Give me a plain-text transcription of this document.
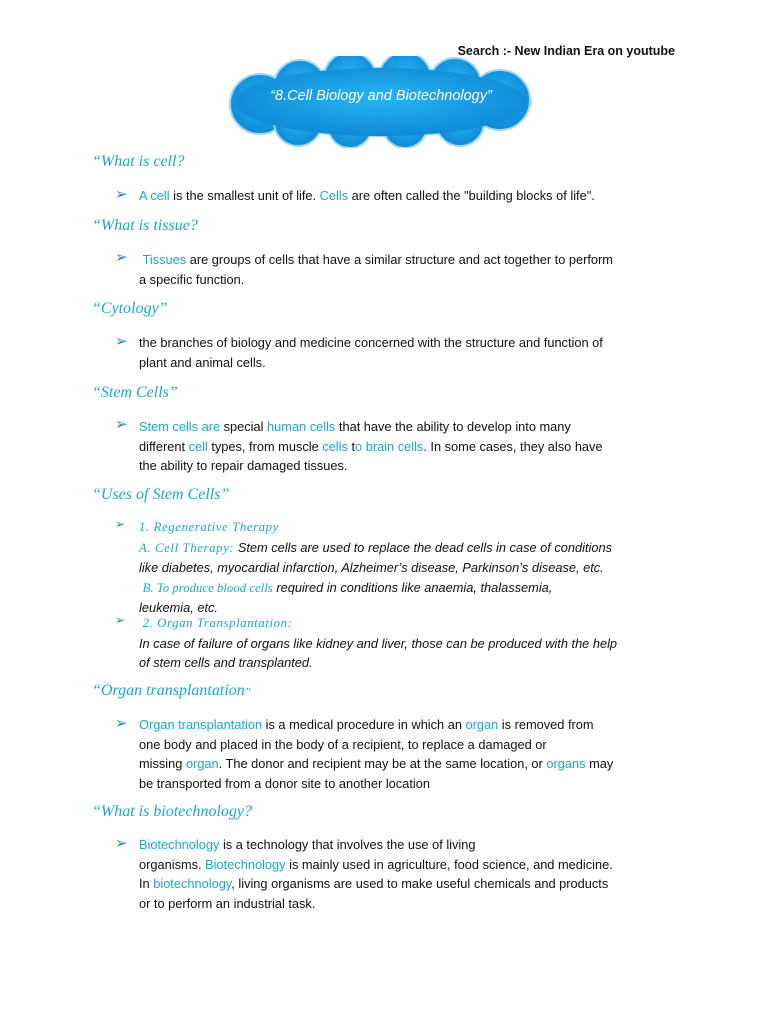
Search :- New Indian Era on youtube
“8.Cell Biology and Biotechnology”
“What is cell?
➢ A cell is the smallest unit of life. Cells are often called the "building blocks of life".
“What is tissue?
➢ Tissues are groups of cells that have a similar structure and act together to perform
a specific function.
“Cytology”
➢ the branches of biology and medicine concerned with the structure and function of
plant and animal cells.
“Stem Cells”
➢ Stem cells are special human cells that have the ability to develop into many
different cell types, from muscle cells to brain cells. In some cases, they also have
the ability to repair damaged tissues.
“Uses of Stem Cells”
➢ 1. Regenerative Therapy
A. Cell Therapy: Stem cells are used to replace the dead cells in case of conditions
like diabetes, myocardial infarction, Alzheimer’s disease, Parkinson’s disease, etc.
B. To produce blood cells required in conditions like anaemia, thalassemia,
leukemia, etc.
➢ 2. Organ Transplantation:
In case of failure of organs like kidney and liver, those can be produced with the help
of stem cells and transplanted.
“Organ transplantation”
➢ Organ transplantation is a medical procedure in which an organ is removed from
one body and placed in the body of a recipient, to replace a damaged or
missing organ. The donor and recipient may be at the same location, or organs may
be transported from a donor site to another location
“What is biotechnology?
➢ Biotechnology is a technology that involves the use of living
organisms. Biotechnology is mainly used in agriculture, food science, and medicine.
In biotechnology, living organisms are used to make useful chemicals and products
or to perform an industrial task.
